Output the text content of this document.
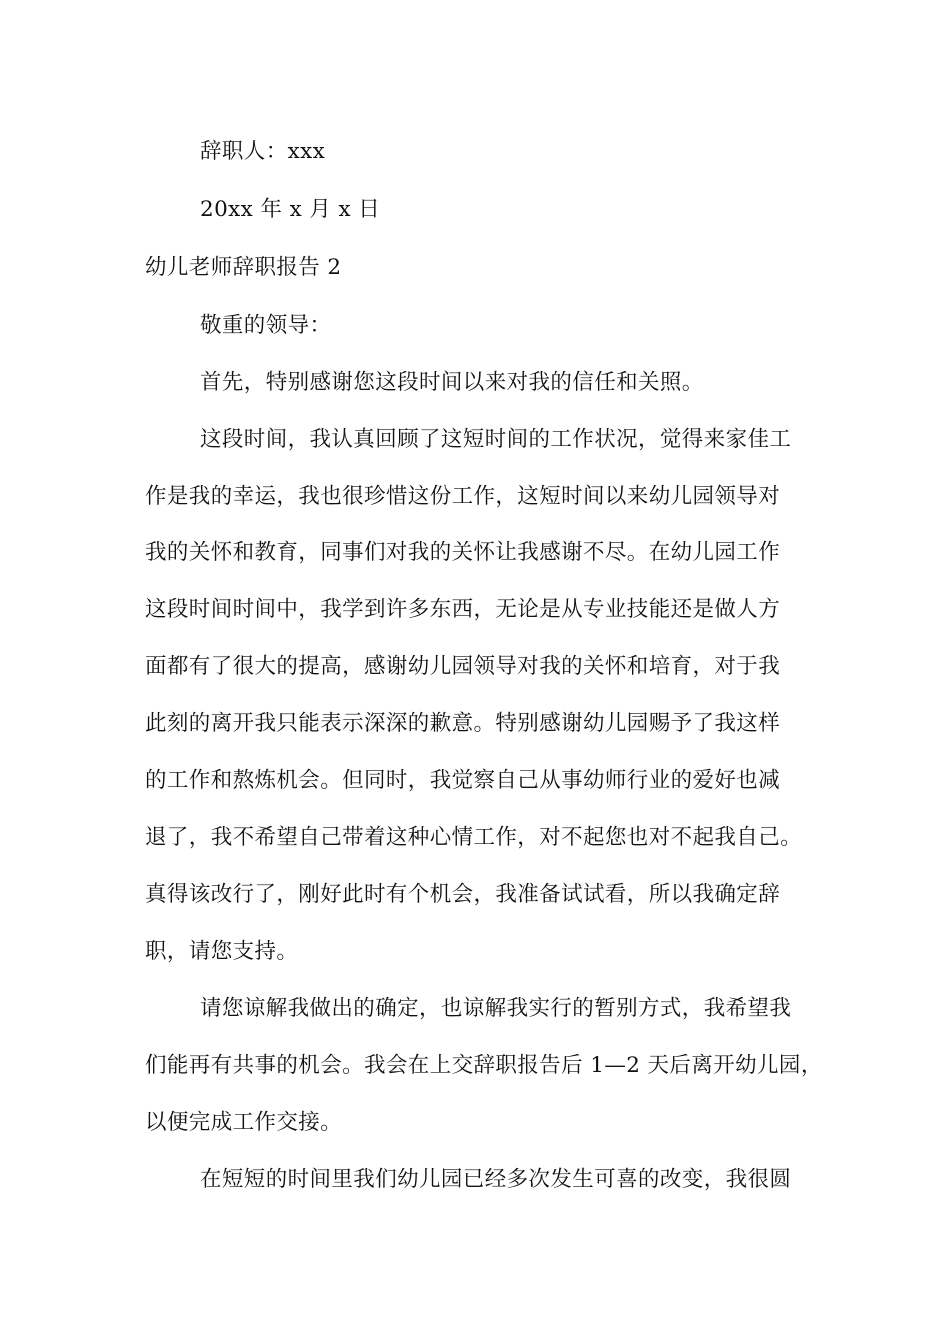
辞职人：xxx
20xx 年 x 月 x 日
幼儿老师辞职报告 2
敬重的领导：
首先，特别感谢您这段时间以来对我的信任和关照。
这段时间，我认真回顾了这短时间的工作状况，觉得来家佳工
作是我的幸运，我也很珍惜这份工作，这短时间以来幼儿园领导对
我的关怀和教育，同事们对我的关怀让我感谢不尽。在幼儿园工作
这段时间时间中，我学到许多东西，无论是从专业技能还是做人方
面都有了很大的提高，感谢幼儿园领导对我的关怀和培育，对于我
此刻的离开我只能表示深深的歉意。特别感谢幼儿园赐予了我这样
的工作和熬炼机会。但同时，我觉察自己从事幼师行业的爱好也减
退了，我不希望自己带着这种心情工作，对不起您也对不起我自己。
真得该改行了，刚好此时有个机会，我准备试试看，所以我确定辞
职，请您支持。
请您谅解我做出的确定，也谅解我实行的暂别方式，我希望我
们能再有共事的机会。我会在上交辞职报告后 1—2 天后离开幼儿园，
以便完成工作交接。
在短短的时间里我们幼儿园已经多次发生可喜的改变，我很圆
